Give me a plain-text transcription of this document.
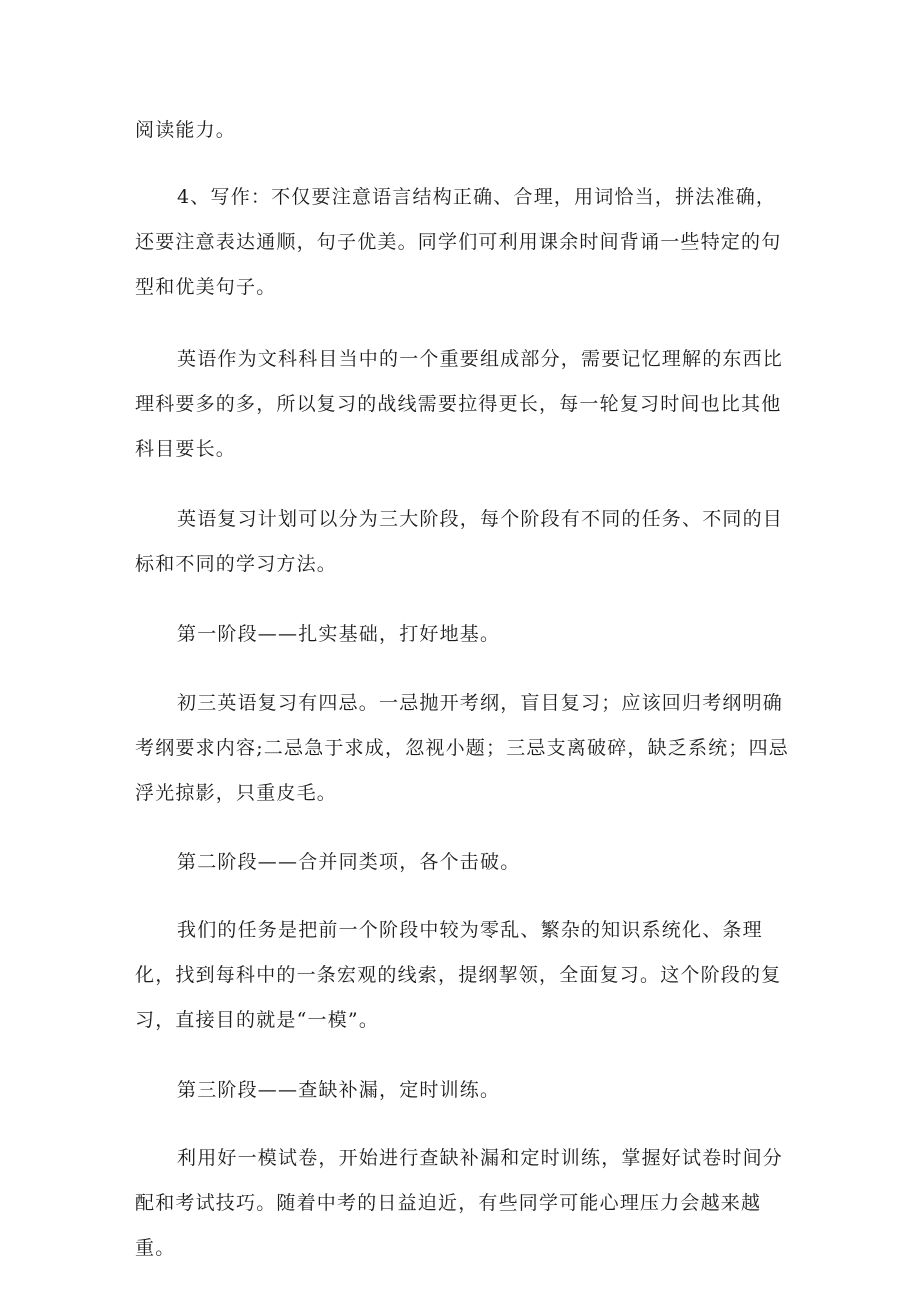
阅读能力。

4、写作：不仅要注意语言结构正确、合理，用词恰当，拼法准确，还要注意表达通顺，句子优美。同学们可利用课余时间背诵一些特定的句型和优美句子。

英语作为文科科目当中的一个重要组成部分，需要记忆理解的东西比理科要多的多，所以复习的战线需要拉得更长，每一轮复习时间也比其他科目要长。

英语复习计划可以分为三大阶段，每个阶段有不同的任务、不同的目标和不同的学习方法。

第一阶段——扎实基础，打好地基。

初三英语复习有四忌。一忌抛开考纲，盲目复习；应该回归考纲明确考纲要求内容;二忌急于求成，忽视小题；三忌支离破碎，缺乏系统；四忌浮光掠影，只重皮毛。

第二阶段——合并同类项，各个击破。

我们的任务是把前一个阶段中较为零乱、繁杂的知识系统化、条理化，找到每科中的一条宏观的线索，提纲挈领，全面复习。这个阶段的复习，直接目的就是“一模”。

第三阶段——查缺补漏，定时训练。

利用好一模试卷，开始进行查缺补漏和定时训练，掌握好试卷时间分配和考试技巧。随着中考的日益迫近，有些同学可能心理压力会越来越重。
